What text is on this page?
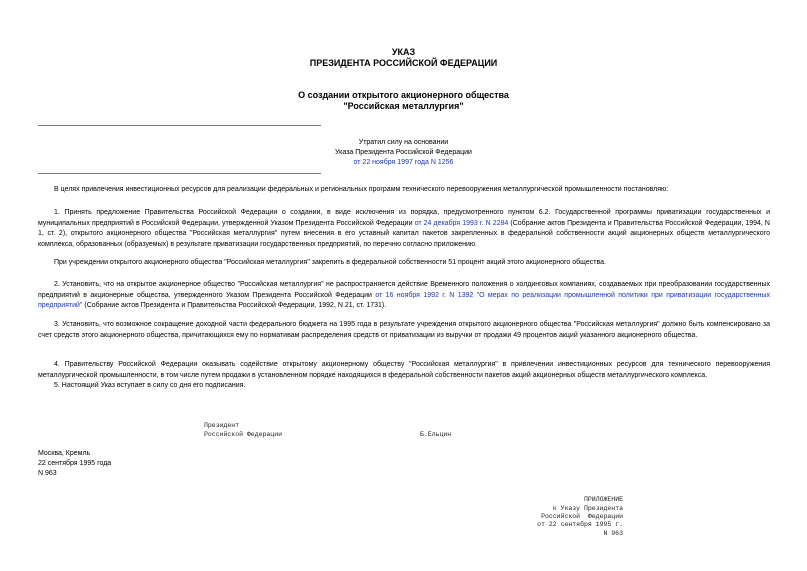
УКАЗ
ПРЕЗИДЕНТА РОССИЙСКОЙ ФЕДЕРАЦИИ
О создании открытого акционерного общества
"Российская металлургия"
Утратил силу на основании
Указа Президента Российской Федерации
от 22 ноября 1997 года N 1256
В целях привлечения инвестиционных ресурсов для реализации федеральных и региональных программ технического перевооружения металлургической промышленности постановляю:
1. Принять предложение Правительства Российской Федерации о создании, в виде исключения из порядка, предусмотренного пунктом 6.2. Государственной программы приватизации государственных и муниципальных предприятий в Российской Федерации, утвержденной Указом Президента Российской Федерации от 24 декабря 1993 г. N 2284 (Собрание актов Президента и Правительства Российской Федерации, 1994, N 1, ст. 2), открытого акционерного общества "Российская металлургия" путем внесения в его уставный капитал пакетов закрепленных в федеральной собственности акций акционерных обществ металлургического комплекса, образованных (образуемых) в результате приватизации государственных предприятий, по перечню согласно приложению.
При учреждении открытого акционерного общества "Российская металлургия" закрепить в федеральной собственности 51 процент акций этого акционерного общества.
2. Установить, что на открытое акционерное общество "Российская металлургия" не распространяется действие Временного положения о холдинговых компаниях, создаваемых при преобразовании государственных предприятий в акционерные общества, утвержденного Указом Президента Российской Федерации от 16 ноября 1992 г. N 1392 "О мерах по реализации промышленной политики при приватизации государственных предприятий" (Собрание актов Президента и Правительства Российской Федерации, 1992, N 21, ст. 1731).
3. Установить, что возможное сокращение доходной части федерального бюджета на 1995 года в результате учреждения открытого акционерного общества "Российская металлургия" должно быть компенсировано за счет средств этого акционерного общества, причитающихся ему по нормативам распределения средств от приватизации из выручки от продажи 49 процентов акций указанного акционерного общества.
4. Правительству Российской Федерации оказывать содействие открытому акционерному обществу "Российская металлургия" в привлечении инвестиционных ресурсов для технического перевооружения металлургической промышленности, в том числе путем продажи в установленном порядке находящихся в федеральной собственности пакетов акций акционерных обществ металлургического комплекса.
5. Настоящий Указ вступает в силу со дня его подписания.
Президент
Российской Федерации	Б.Ельцин
Москва, Кремль
22 сентября 1995 года
N 963
ПРИЛОЖЕНИЕ
к Указу Президента
Российской  Федерации
от 22 сентября 1995 г.
N 963
